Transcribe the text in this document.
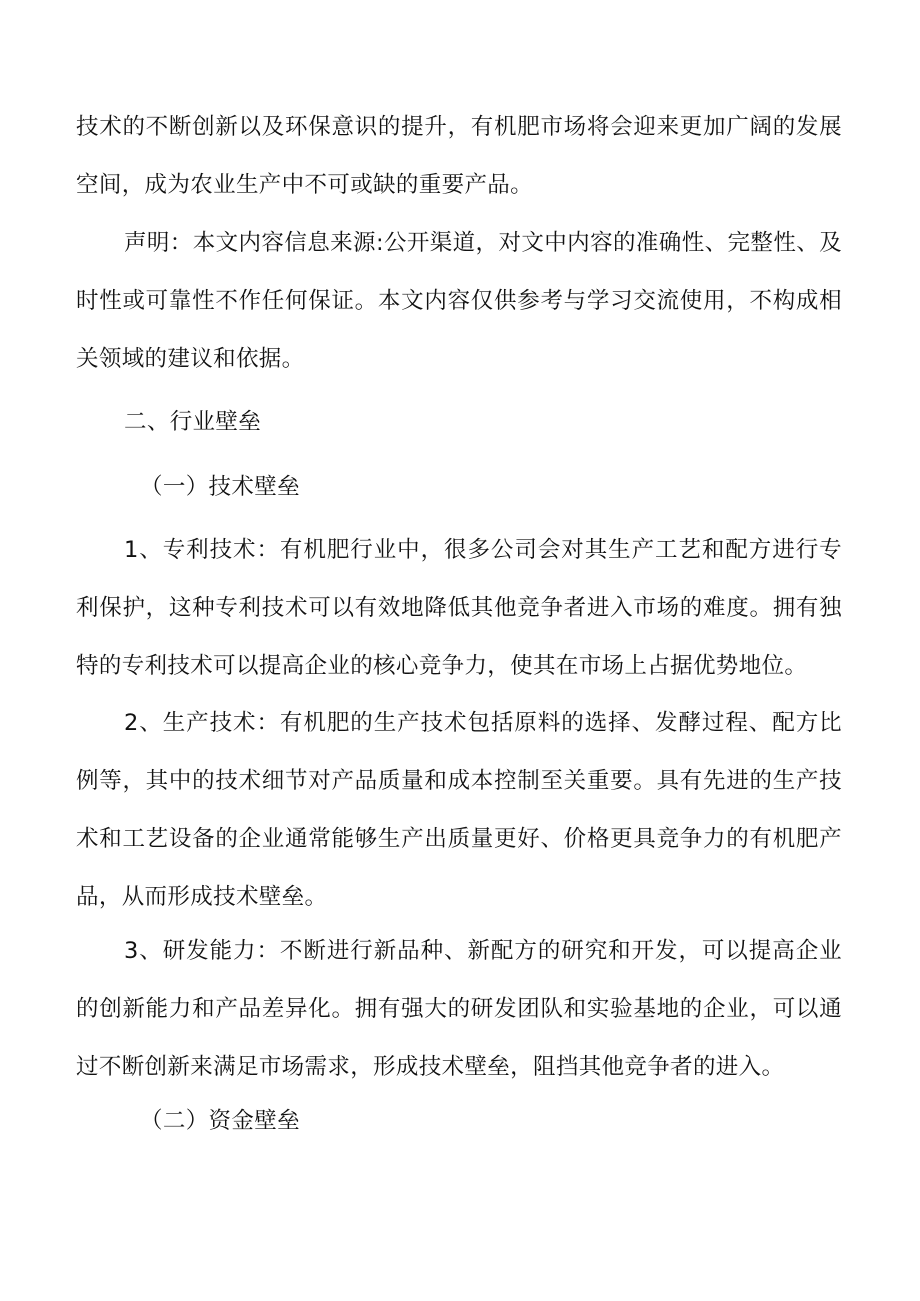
技术的不断创新以及环保意识的提升，有机肥市场将会迎来更加广阔的发展空间，成为农业生产中不可或缺的重要产品。

声明：本文内容信息来源:公开渠道，对文中内容的准确性、完整性、及时性或可靠性不作任何保证。本文内容仅供参考与学习交流使用，不构成相关领域的建议和依据。

二、行业壁垒
（一）技术壁垒

1、专利技术：有机肥行业中，很多公司会对其生产工艺和配方进行专利保护，这种专利技术可以有效地降低其他竞争者进入市场的难度。拥有独特的专利技术可以提高企业的核心竞争力，使其在市场上占据优势地位。

2、生产技术：有机肥的生产技术包括原料的选择、发酵过程、配方比例等，其中的技术细节对产品质量和成本控制至关重要。具有先进的生产技术和工艺设备的企业通常能够生产出质量更好、价格更具竞争力的有机肥产品，从而形成技术壁垒。

3、研发能力：不断进行新品种、新配方的研究和开发，可以提高企业的创新能力和产品差异化。拥有强大的研发团队和实验基地的企业，可以通过不断创新来满足市场需求，形成技术壁垒，阻挡其他竞争者的进入。

（二）资金壁垒
